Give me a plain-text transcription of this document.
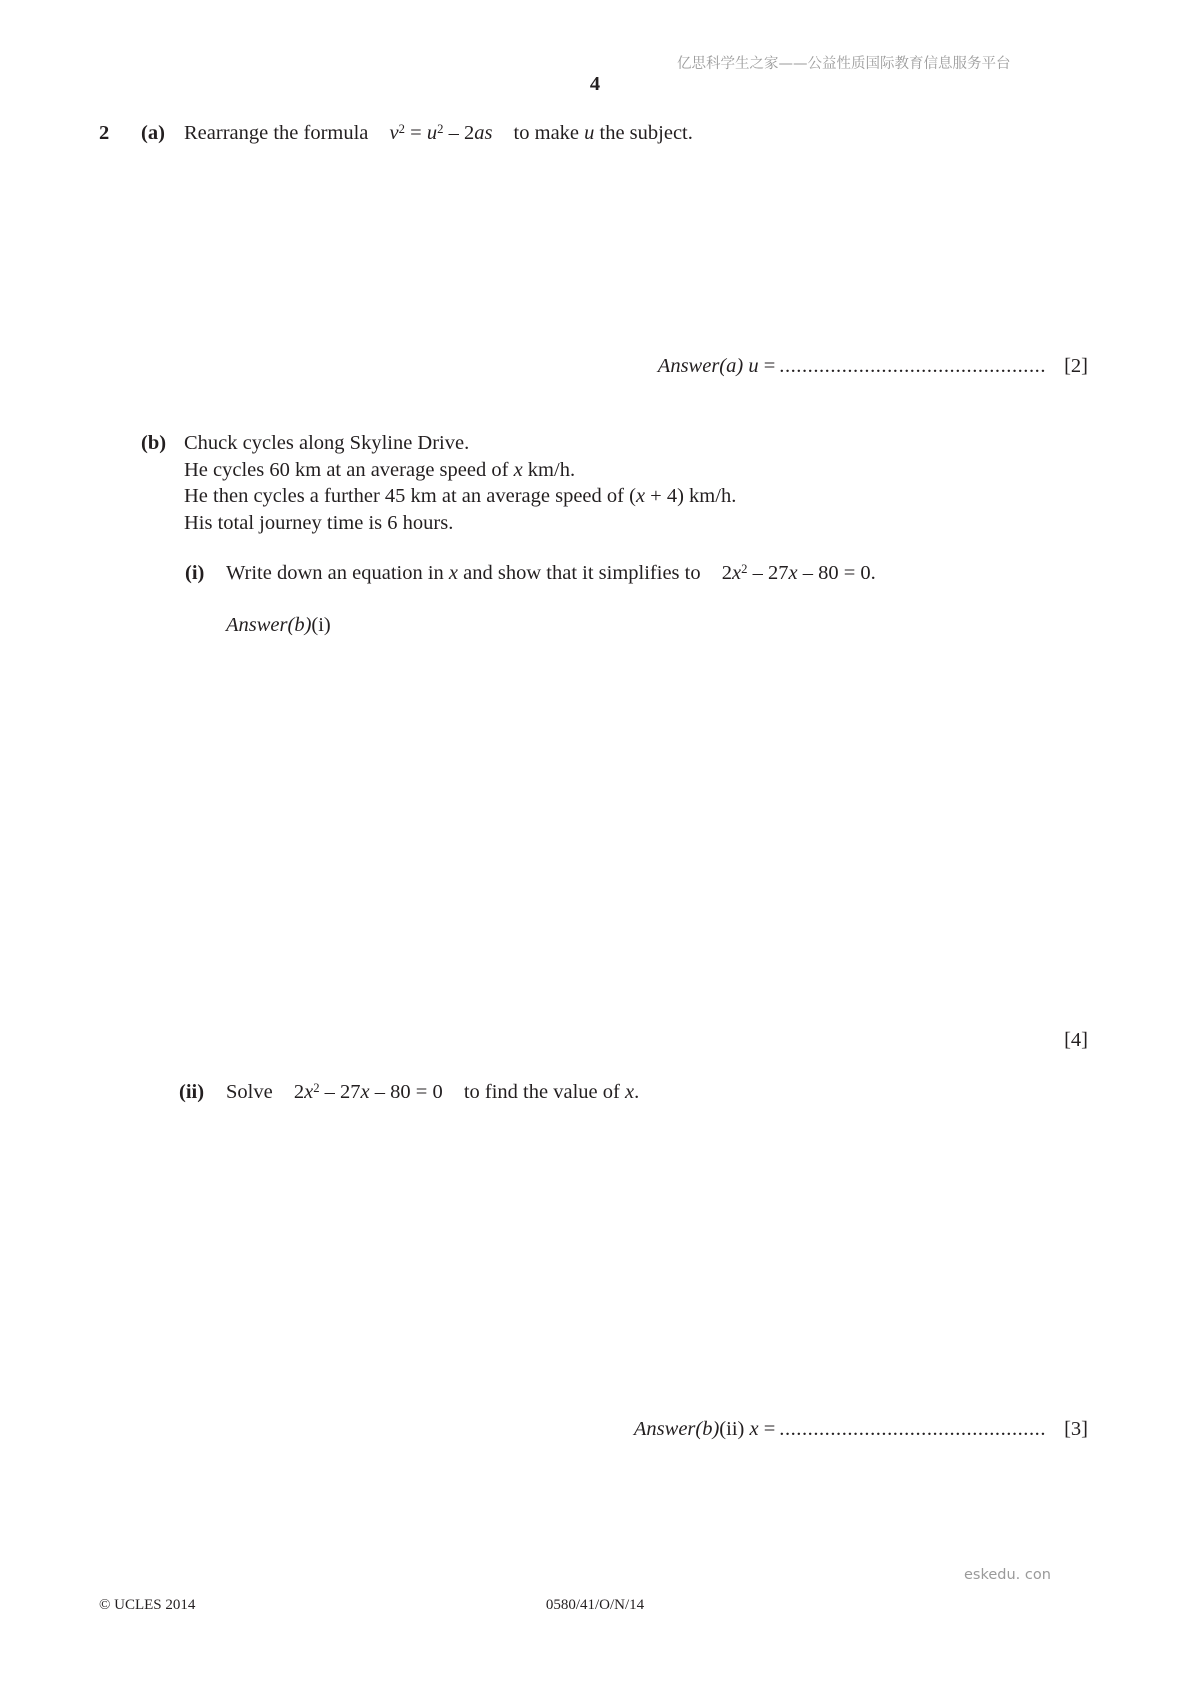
亿思科学生之家——公益性质国际教育信息服务平台
4
2 (a) Rearrange the formula $v^2 = u^2 - 2as$ to make u the subject.
Answer(a) u = ............................................... [2]
(b) Chuck cycles along Skyline Drive.
He cycles 60 km at an average speed of x km/h.
He then cycles a further 45 km at an average speed of (x + 4) km/h.
His total journey time is 6 hours.
(i) Write down an equation in x and show that it simplifies to $2x^2 - 27x - 80 = 0$.
Answer(b)(i)
[4]
(ii) Solve $2x^2 - 27x - 80 = 0$ to find the value of x.
Answer(b)(ii) x = ............................................... [3]
eskedu. con
© UCLES 2014	0580/41/O/N/14
